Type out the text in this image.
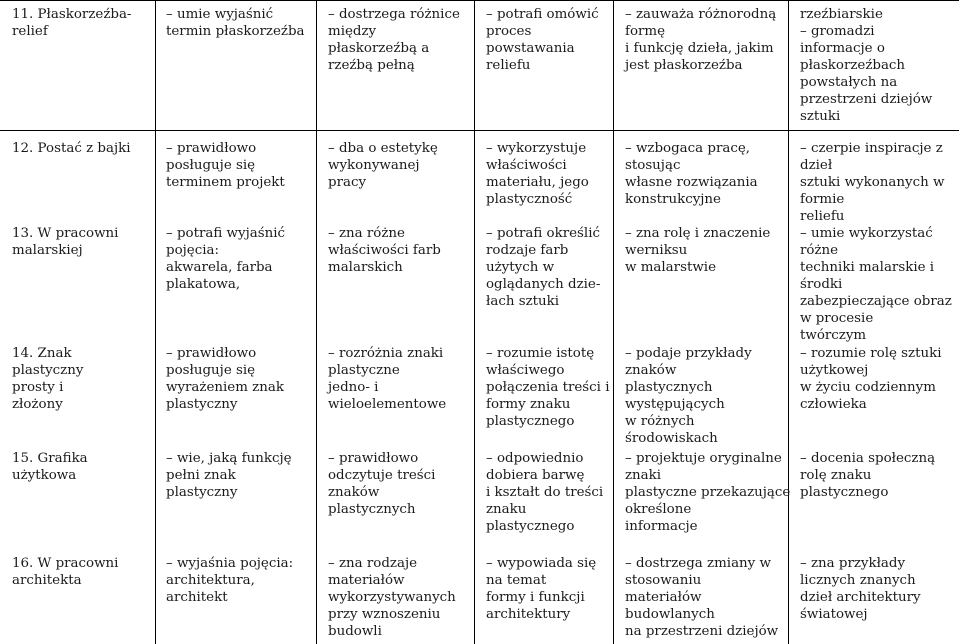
11. Płaskorzeźba-
relief
– umie wyjaśnić
termin płaskorzeźba
– dostrzega różnice
między
płaskorzeźbą a
rzeźbą pełną
– potrafi omówić
proces
powstawania
reliefu
– zauważa różnorodną
formę
i funkcję dzieła, jakim
jest płaskorzeźba
rzeźbiarskie
– gromadzi
informacje o
płaskorzeźbach
powstałych na
przestrzeni dziejów
sztuki
12. Postać z bajki	– prawidłowo
posługuje się
terminem projekt
– dba o estetykę
wykonywanej
pracy
– wykorzystuje
właściwości
materiału, jego
plastyczność
– wzbogaca pracę,
stosując
własne rozwiązania
konstrukcyjne
– czerpie inspiracje z
dzieł
sztuki wykonanych w
formie
reliefu
13. W pracowni
malarskiej
– potrafi wyjaśnić
pojęcia:
akwarela, farba
plakatowa,
– zna różne
właściwości farb
malarskich
– potrafi określić
rodzaje farb
użytych w
oglądanych dzie-
łach sztuki
– zna rolę i znaczenie
werniksu
w malarstwie
– umie wykorzystać
różne
techniki malarskie i
środki
zabezpieczające obraz
w procesie
twórczym
14. Znak
plastyczny
prosty i
złożony
– prawidłowo
posługuje się
wyrażeniem znak
plastyczny
– rozróżnia znaki
plastyczne
jedno- i
wieloelementowe
– rozumie istotę
właściwego
połączenia treści i
formy znaku
plastycznego
– podaje przykłady
znaków
plastycznych
występujących
w różnych
środowiskach
– rozumie rolę sztuki
użytkowej
w życiu codziennym
człowieka
15. Grafika
użytkowa
– wie, jaką funkcję
pełni znak
plastyczny
– prawidłowo
odczytuje treści
znaków
plastycznych
– odpowiednio
dobiera barwę
i kształt do treści
znaku
plastycznego
– projektuje oryginalne
znaki
plastyczne przekazujące
określone
informacje
– docenia społeczną
rolę znaku
plastycznego
16. W pracowni
architekta
– wyjaśnia pojęcia:
architektura,
architekt
– zna rodzaje
materiałów
wykorzystywanych
przy wznoszeniu
budowli
– wypowiada się
na temat
formy i funkcji
architektury
– dostrzega zmiany w
stosowaniu
materiałów
budowlanych
na przestrzeni dziejów
– zna przykłady
licznych znanych
dzieł architektury
światowej
